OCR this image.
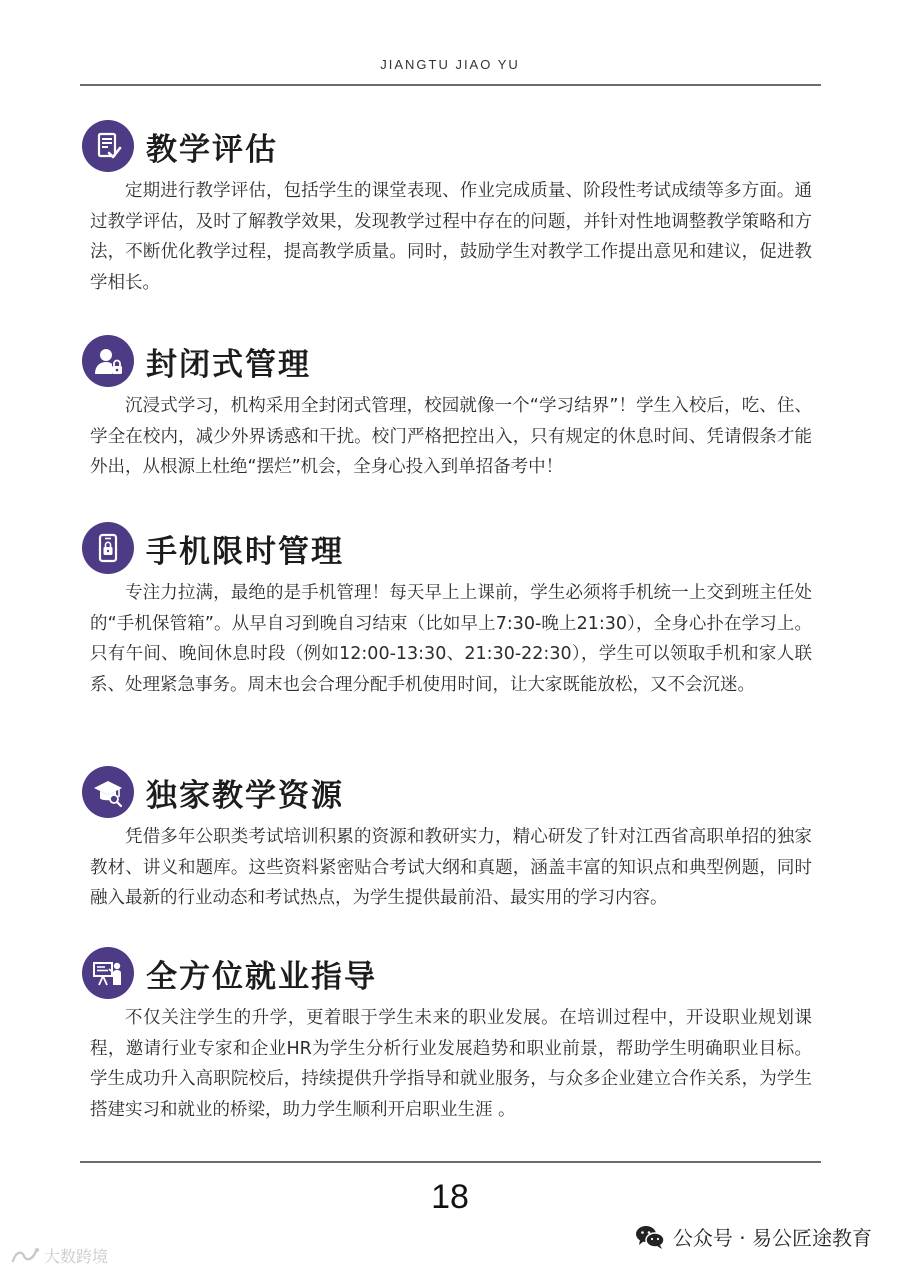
JIANGTU JIAO YU
教学评估
定期进行教学评估，包括学生的课堂表现、作业完成质量、阶段性考试成绩等多方面。通过教学评估，及时了解教学效果，发现教学过程中存在的问题，并针对性地调整教学策略和方法，不断优化教学过程，提高教学质量。同时，鼓励学生对教学工作提出意见和建议，促进教学相长。
封闭式管理
沉浸式学习，机构采用全封闭式管理，校园就像一个“学习结界”！学生入校后，吃、住、学全在校内，减少外界诱惑和干扰。校门严格把控出入，只有规定的休息时间、凭请假条才能外出，从根源上杜绝“摆烂”机会，全身心投入到单招备考中！
手机限时管理
专注力拉满，最绝的是手机管理！每天早上上课前，学生必须将手机统一上交到班主任处的“手机保管箱”。从早自习到晚自习结束（比如早上7:30-晚上21:30），全身心扑在学习上。只有午间、晚间休息时段（例如12:00-13:30、21:30-22:30），学生可以领取手机和家人联系、处理紧急事务。周末也会合理分配手机使用时间，让大家既能放松，又不会沉迷。
独家教学资源
凭借多年公职类考试培训积累的资源和教研实力，精心研发了针对江西省高职单招的独家教材、讲义和题库。这些资料紧密贴合考试大纲和真题，涵盖丰富的知识点和典型例题，同时融入最新的行业动态和考试热点，为学生提供最前沿、最实用的学习内容。
全方位就业指导
不仅关注学生的升学，更着眼于学生未来的职业发展。在培训过程中，开设职业规划课程，邀请行业专家和企业HR为学生分析行业发展趋势和职业前景，帮助学生明确职业目标。学生成功升入高职院校后，持续提供升学指导和就业服务，与众多企业建立合作关系，为学生搭建实习和就业的桥梁，助力学生顺利开启职业生涯 。
18
公众号 · 易公匠途教育
大数跨境
